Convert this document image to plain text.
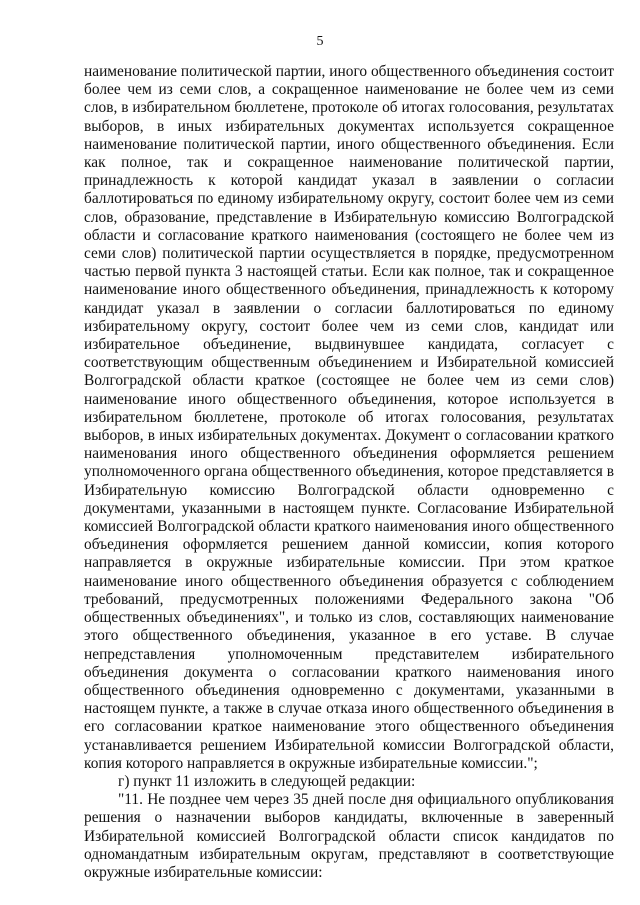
5

наименование политической партии, иного общественного объединения состоит более чем из семи слов, а сокращенное наименование не более чем из семи слов, в избирательном бюллетене, протоколе об итогах голосования, результатах выборов, в иных избирательных документах используется сокращенное наименование политической партии, иного общественного объединения. Если как полное, так и сокращенное наименование политической партии, принадлежность к которой кандидат указал в заявлении о согласии баллотироваться по единому избирательному округу, состоит более чем из семи слов, образование, представление в Избирательную комиссию Волгоградской области и согласование краткого наименования (состоящего не более чем из семи слов) политической партии осуществляется в порядке, предусмотренном частью первой пункта 3 настоящей статьи. Если как полное, так и сокращенное наименование иного общественного объединения, принадлежность к которому кандидат указал в заявлении о согласии баллотироваться по единому избирательному округу, состоит более чем из семи слов, кандидат или избирательное объединение, выдвинувшее кандидата, согласует с соответствующим общественным объединением и Избирательной комиссией Волгоградской области краткое (состоящее не более чем из семи слов) наименование иного общественного объединения, которое используется в избирательном бюллетене, протоколе об итогах голосования, результатах выборов, в иных избирательных документах. Документ о согласовании краткого наименования иного общественного объединения оформляется решением уполномоченного органа общественного объединения, которое представляется в Избирательную комиссию Волгоградской области одновременно с документами, указанными в настоящем пункте. Согласование Избирательной комиссией Волгоградской области краткого наименования иного общественного объединения оформляется решением данной комиссии, копия которого направляется в окружные избирательные комиссии. При этом краткое наименование иного общественного объединения образуется с соблюдением требований, предусмотренных положениями Федерального закона "Об общественных объединениях", и только из слов, составляющих наименование этого общественного объединения, указанное в его уставе. В случае непредставления уполномоченным представителем избирательного объединения документа о согласовании краткого наименования иного общественного объединения одновременно с документами, указанными в настоящем пункте, а также в случае отказа иного общественного объединения в его согласовании краткое наименование этого общественного объединения устанавливается решением Избирательной комиссии Волгоградской области, копия которого направляется в окружные избирательные комиссии.";

г) пункт 11 изложить в следующей редакции:

"11. Не позднее чем через 35 дней после дня официального опубликования решения о назначении выборов кандидаты, включенные в заверенный Избирательной комиссией Волгоградской области список кандидатов по одномандатным избирательным округам, представляют в соответствующие окружные избирательные комиссии:
